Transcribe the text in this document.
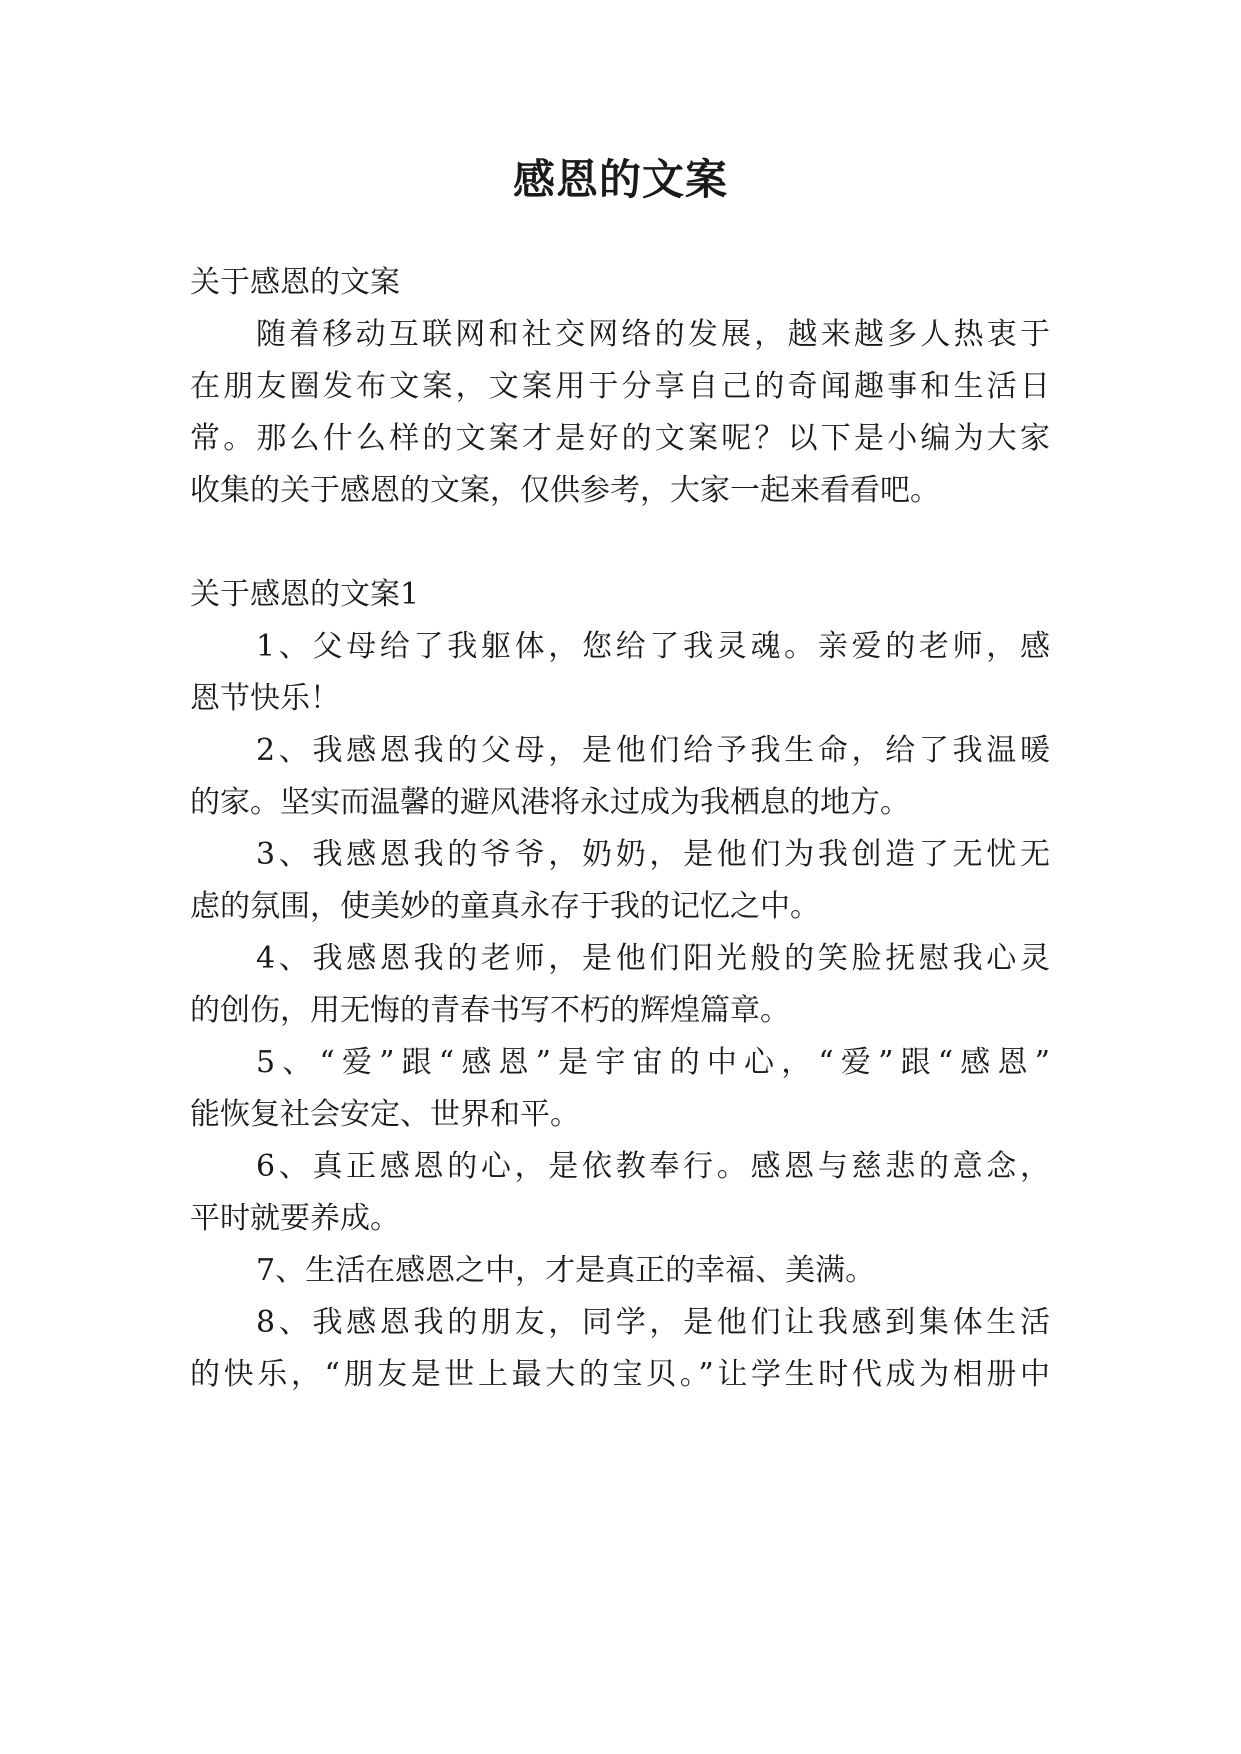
感恩的文案
关于感恩的文案
随着移动互联网和社交网络的发展，越来越多人热衷于
在朋友圈发布文案，文案用于分享自己的奇闻趣事和生活日
常。那么什么样的文案才是好的文案呢？以下是小编为大家
收集的关于感恩的文案，仅供参考，大家一起来看看吧。
关于感恩的文案1
1、父母给了我躯体，您给了我灵魂。亲爱的老师，感
恩节快乐！
2、我感恩我的父母，是他们给予我生命，给了我温暖
的家。坚实而温馨的避风港将永过成为我栖息的地方。
3、我感恩我的爷爷，奶奶，是他们为我创造了无忧无
虑的氛围，使美妙的童真永存于我的记忆之中。
4、我感恩我的老师，是他们阳光般的笑脸抚慰我心灵
的创伤，用无悔的青春书写不朽的辉煌篇章。
5、“爱”跟“感恩”是宇宙的中心，“爱”跟“感恩”
能恢复社会安定、世界和平。
6、真正感恩的心，是依教奉行。感恩与慈悲的意念，
平时就要养成。
7、生活在感恩之中，才是真正的幸福、美满。
8、我感恩我的朋友，同学，是他们让我感到集体生活
的快乐，“朋友是世上最大的宝贝。”让学生时代成为相册中
